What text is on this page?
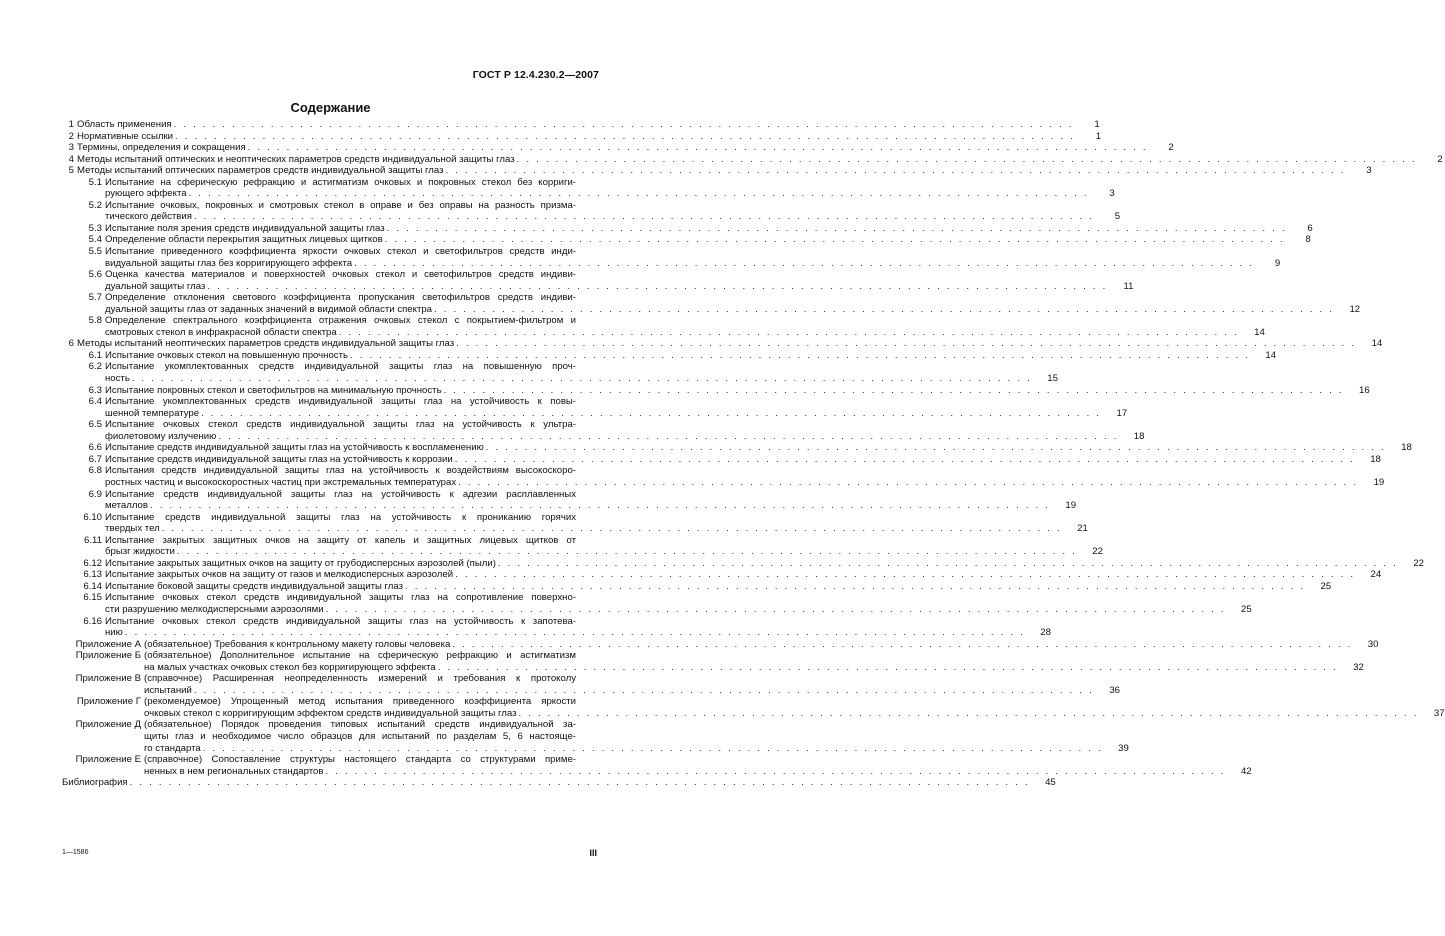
ГОСТ Р 12.4.230.2—2007
Содержание
1 Область применения . . .	1
2 Нормативные ссылки . . .	1
3 Термины, определения и сокращения . . .	2
4 Методы испытаний оптических и неоптических параметров средств индивидуальной защиты глаз . . .	2
5 Методы испытаний оптических параметров средств индивидуальной защиты глаз . . .	3
5.1 Испытание на сферическую рефракцию и астигматизм очковых и покровных стекол без корриги-
рующего эффекта . . .	3
5.2 Испытание очковых, покровных и смотровых стекол в оправе и без оправы на разность призма-
тического действия . . .	5
5.3 Испытание поля зрения средств индивидуальной защиты глаз . . .	6
5.4 Определение области перекрытия защитных лицевых щитков . . .	8
5.5 Испытание приведенного коэффициента яркости очковых стекол и светофильтров средств инди-
видуальной защиты глаз без корригирующего эффекта . . .	9
5.6 Оценка качества материалов и поверхностей очковых стекол и светофильтров средств индиви-
дуальной защиты глаз . . .	11
5.7 Определение отклонения светового коэффициента пропускания светофильтров средств индиви-
дуальной защиты глаз от заданных значений в видимой области спектра . . .	12
5.8 Определение спектрального коэффициента отражения очковых стекол с покрытием-фильтром и
смотровых стекол в инфракрасной области спектра . . .	14
6 Методы испытаний неоптических параметров средств индивидуальной защиты глаз . . .	14
6.1 Испытание очковых стекол на повышенную прочность . . .	14
6.2 Испытание укомплектованных средств индивидуальной защиты глаз на повышенную проч-
ность . . .	15
6.3 Испытание покровных стекол и светофильтров на минимальную прочность . . .	16
6.4 Испытание укомплектованных средств индивидуальной защиты глаз на устойчивость к повы-
шенной температуре . . .	17
6.5 Испытание очковых стекол средств индивидуальной защиты глаз на устойчивость к ультра-
фиолетовому излучению . . .	18
6.6 Испытание средств индивидуальной защиты глаз на устойчивость к воспламенению . . .	18
6.7 Испытание средств индивидуальной защиты глаз на устойчивость к коррозии . . .	18
6.8 Испытания средств индивидуальной защиты глаз на устойчивость к воздействиям высокоскоро-
ростных частиц и высокоскоростных частиц при экстремальных температурах . . .	19
6.9 Испытание средств индивидуальной защиты глаз на устойчивость к адгезии расплавленных
металлов . . .	19
6.10 Испытание средств индивидуальной защиты глаз на устойчивость к прониканию горячих
твердых тел . . .	21
6.11 Испытание закрытых защитных очков на защиту от капель и защитных лицевых щитков от
брызг жидкости . . .	22
6.12 Испытание закрытых защитных очков на защиту от грубодисперсных аэрозолей (пыли) . . .	22
6.13 Испытание закрытых очков на защиту от газов и мелкодисперсных аэрозолей . . .	24
6.14 Испытание боковой защиты средств индивидуальной защиты глаз . . .	25
6.15 Испытание очковых стекол средств индивидуальной защиты глаз на сопротивление поверхно-
сти разрушению мелкодисперсными аэрозолями . . .	25
6.16 Испытание очковых стекол средств индивидуальной защиты глаз на устойчивость к запотева-
нию . . .	28
Приложение А (обязательное) Требования к контрольному макету головы человека . . .	30
Приложение Б (обязательное) Дополнительное испытание на сферическую рефракцию и астигматизм
на малых участках очковых стекол без корригирующего эффекта . . .	32
Приложение В (справочное) Расширенная неопределенность измерений и требования к протоколу
испытаний . . .	36
Приложение Г (рекомендуемое) Упрощенный метод испытания приведенного коэффициента яркости
очковых стекол с корригирующим эффектом средств индивидуальной защиты глаз . . .	37
Приложение Д (обязательное) Порядок проведения типовых испытаний средств индивидуальной за-
щиты глаз и необходимое число образцов для испытаний по разделам 5, 6 настояще-
го стандарта . . .	39
Приложение Е (справочное) Сопоставление структуры настоящего стандарта со структурами приме-
ненных в нем региональных стандартов . . .	42
Библиография . . .	45
1—1586	III
